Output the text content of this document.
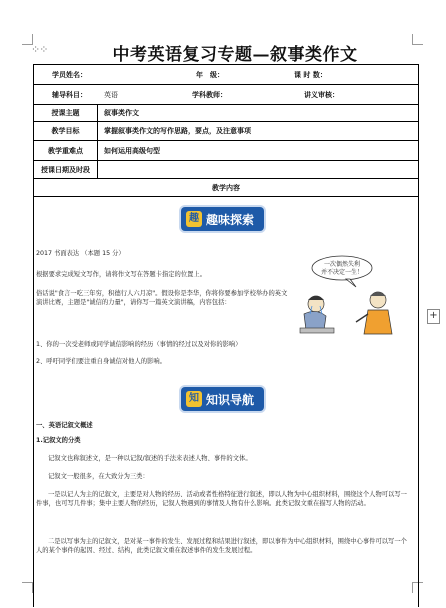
⁘⁘	中考英语复习专题—叙事类作文
学员姓名：	年　级：	课 时 数：
辅导科目： 英语	学科教师：	讲义审核：
授课主题	叙事类作文
教学目标	掌握叙事类作文的写作思路，要点，及注意事项
教学重难点	如何运用高级句型
授课日期及时段
教学内容
+
趣 趣味探索
2017 书面表达 （本题 15 分）
根据要求完成短文写作，请将作文写在答题卡指定的位置上。
俗话说"食言一吃三年穷，积德行人六月凉"。假设你是李华，你将你要参加学校举办的英文演讲比赛，主题是"诚信的力量"，请你写一篇英文演讲稿，内容包括：
1、你的一次受老师或同学诚信影响的经历（事情的经过以及对你的影响）
2、呼吁同学们要注重自身诚信对他人的影响。
一次偶然失利
并不决定一生！
知 知识导航
一、英语记叙文概述
1.记叙文的分类
记叙文也称叙述文，是一种以记叙/叙述的手法来表述人物、事件的文体。
记叙文一般很多，在大致分为三类：
一是以记人为主的记叙文，主要是对人物的经历、活动或者性格特征进行叙述，即以人物为中心组织材料，围绕这个人物可以写一件事，也可写几件事；集中主要人物的经历，记叙人物遇到的事情及人物有什么影响。此类记叙文重在描写人物的活动。
二是以写事为主的记叙文，是对某一事件的发生、发展过程和结果进行叙述，即以事件为中心组织材料，围绕中心事件可以写一个人的某个事件的起因、经过、结构，此类记叙文重在叙述事件的发生发展过程。
